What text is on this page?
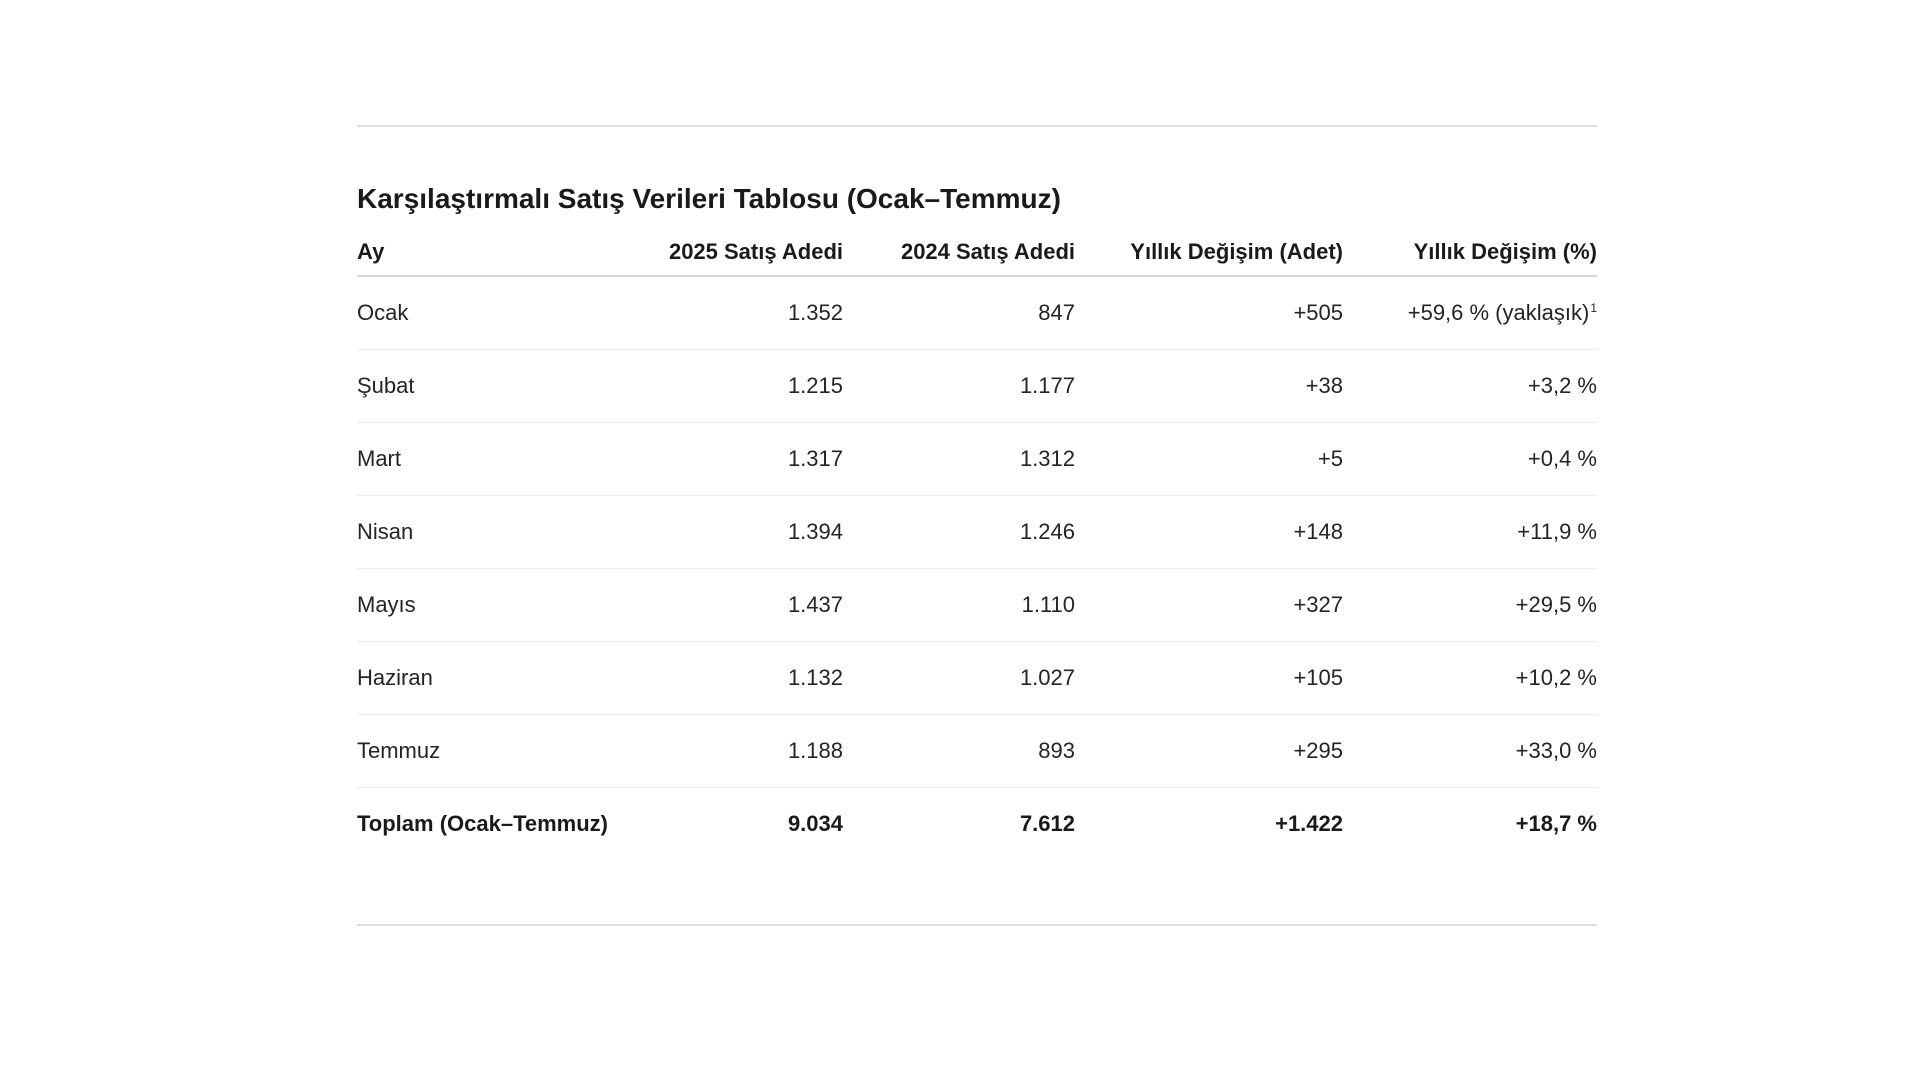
Karşılaştırmalı Satış Verileri Tablosu (Ocak–Temmuz)
Ay	2025 Satış Adedi	2024 Satış Adedi	Yıllık Değişim (Adet)	Yıllık Değişim (%)
Ocak	1.352	847	+505	+59,6 % (yaklaşık)$^1$
Şubat	1.215	1.177	+38	+3,2 %
Mart	1.317	1.312	+5	+0,4 %
Nisan	1.394	1.246	+148	+11,9 %
Mayıs	1.437	1.110	+327	+29,5 %
Haziran	1.132	1.027	+105	+10,2 %
Temmuz	1.188	893	+295	+33,0 %
Toplam (Ocak–Temmuz)	9.034	7.612	+1.422	+18,7 %
